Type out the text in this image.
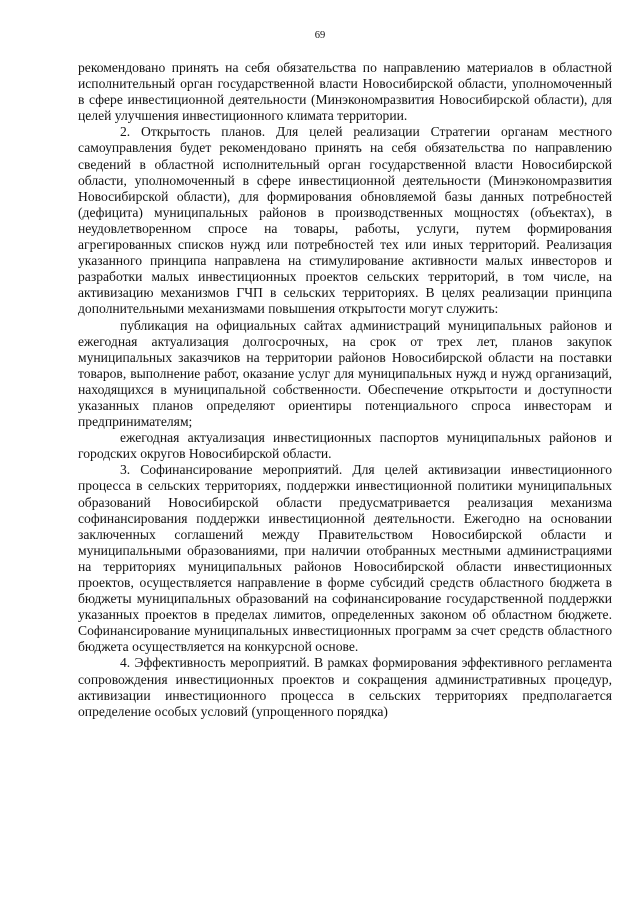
69

рекомендовано принять на себя обязательства по направлению материалов в областной исполнительный орган государственной власти Новосибирской области, уполномоченный в сфере инвестиционной деятельности (Минэкономразвития Новосибирской области), для целей улучшения инвестиционного климата территории.

2. Открытость планов. Для целей реализации Стратегии органам местного самоуправления будет рекомендовано принять на себя обязательства по направлению сведений в областной исполнительный орган государственной власти Новосибирской области, уполномоченный в сфере инвестиционной деятельности (Минэкономразвития Новосибирской области), для формирования обновляемой базы данных потребностей (дефицита) муниципальных районов в производственных мощностях (объектах), в неудовлетворенном спросе на товары, работы, услуги, путем формирования агрегированных списков нужд или потребностей тех или иных территорий. Реализация указанного принципа направлена на стимулирование активности малых инвесторов и разработки малых инвестиционных проектов сельских территорий, в том числе, на активизацию механизмов ГЧП в сельских территориях. В целях реализации принципа дополнительными механизмами повышения открытости могут служить:

публикация на официальных сайтах администраций муниципальных районов и ежегодная актуализация долгосрочных, на срок от трех лет, планов закупок муниципальных заказчиков на территории районов Новосибирской области на поставки товаров, выполнение работ, оказание услуг для муниципальных нужд и нужд организаций, находящихся в муниципальной собственности. Обеспечение открытости и доступности указанных планов определяют ориентиры потенциального спроса инвесторам и предпринимателям;

ежегодная актуализация инвестиционных паспортов муниципальных районов и городских округов Новосибирской области.

3. Софинансирование мероприятий. Для целей активизации инвестиционного процесса в сельских территориях, поддержки инвестиционной политики муниципальных образований Новосибирской области предусматривается реализация механизма софинансирования поддержки инвестиционной деятельности. Ежегодно на основании заключенных соглашений между Правительством Новосибирской области и муниципальными образованиями, при наличии отобранных местными администрациями на территориях муниципальных районов Новосибирской области инвестиционных проектов, осуществляется направление в форме субсидий средств областного бюджета в бюджеты муниципальных образований на софинансирование государственной поддержки указанных проектов в пределах лимитов, определенных законом об областном бюджете. Софинансирование муниципальных инвестиционных программ за счет средств областного бюджета осуществляется на конкурсной основе.

4. Эффективность мероприятий. В рамках формирования эффективного регламента сопровождения инвестиционных проектов и сокращения административных процедур, активизации инвестиционного процесса в сельских территориях предполагается определение особых условий (упрощенного порядка)
